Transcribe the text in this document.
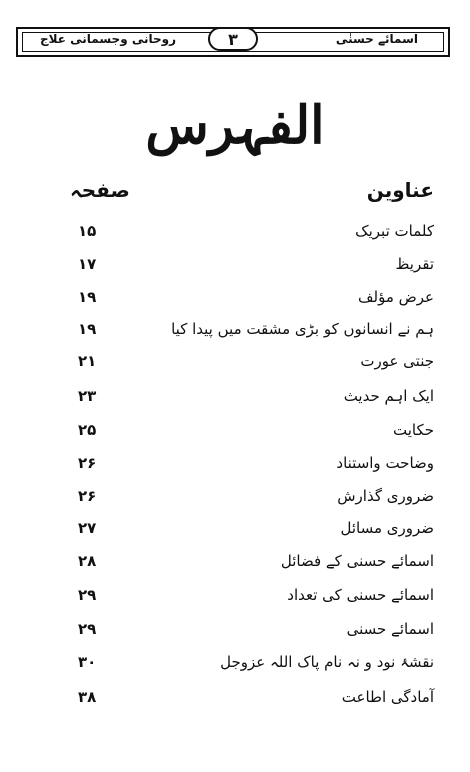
اسمائے حسنٰی
۳
روحانی وجسمانی علاج
الفہرس
عناوین
صفحہ
کلمات تبریک
۱۵
تقریظ
۱۷
عرض مؤلف
۱۹
ہم نے انسانوں کو بڑی مشقت میں پیدا کیا
۱۹
جنتی عورت
۲۱
ایک اہم حدیث
۲۳
حکایت
۲۵
وضاحت واستناد
۲۶
ضروری گذارش
۲۶
ضروری مسائل
۲۷
اسمائے حسنی کے فضائل
۲۸
اسمائے حسنی کی تعداد
۲۹
اسمائے حسنی
۲۹
نقشۂ نود و نہ نام پاک اللہ عزوجل
۳۰
آمادگی اطاعت
۳۸
